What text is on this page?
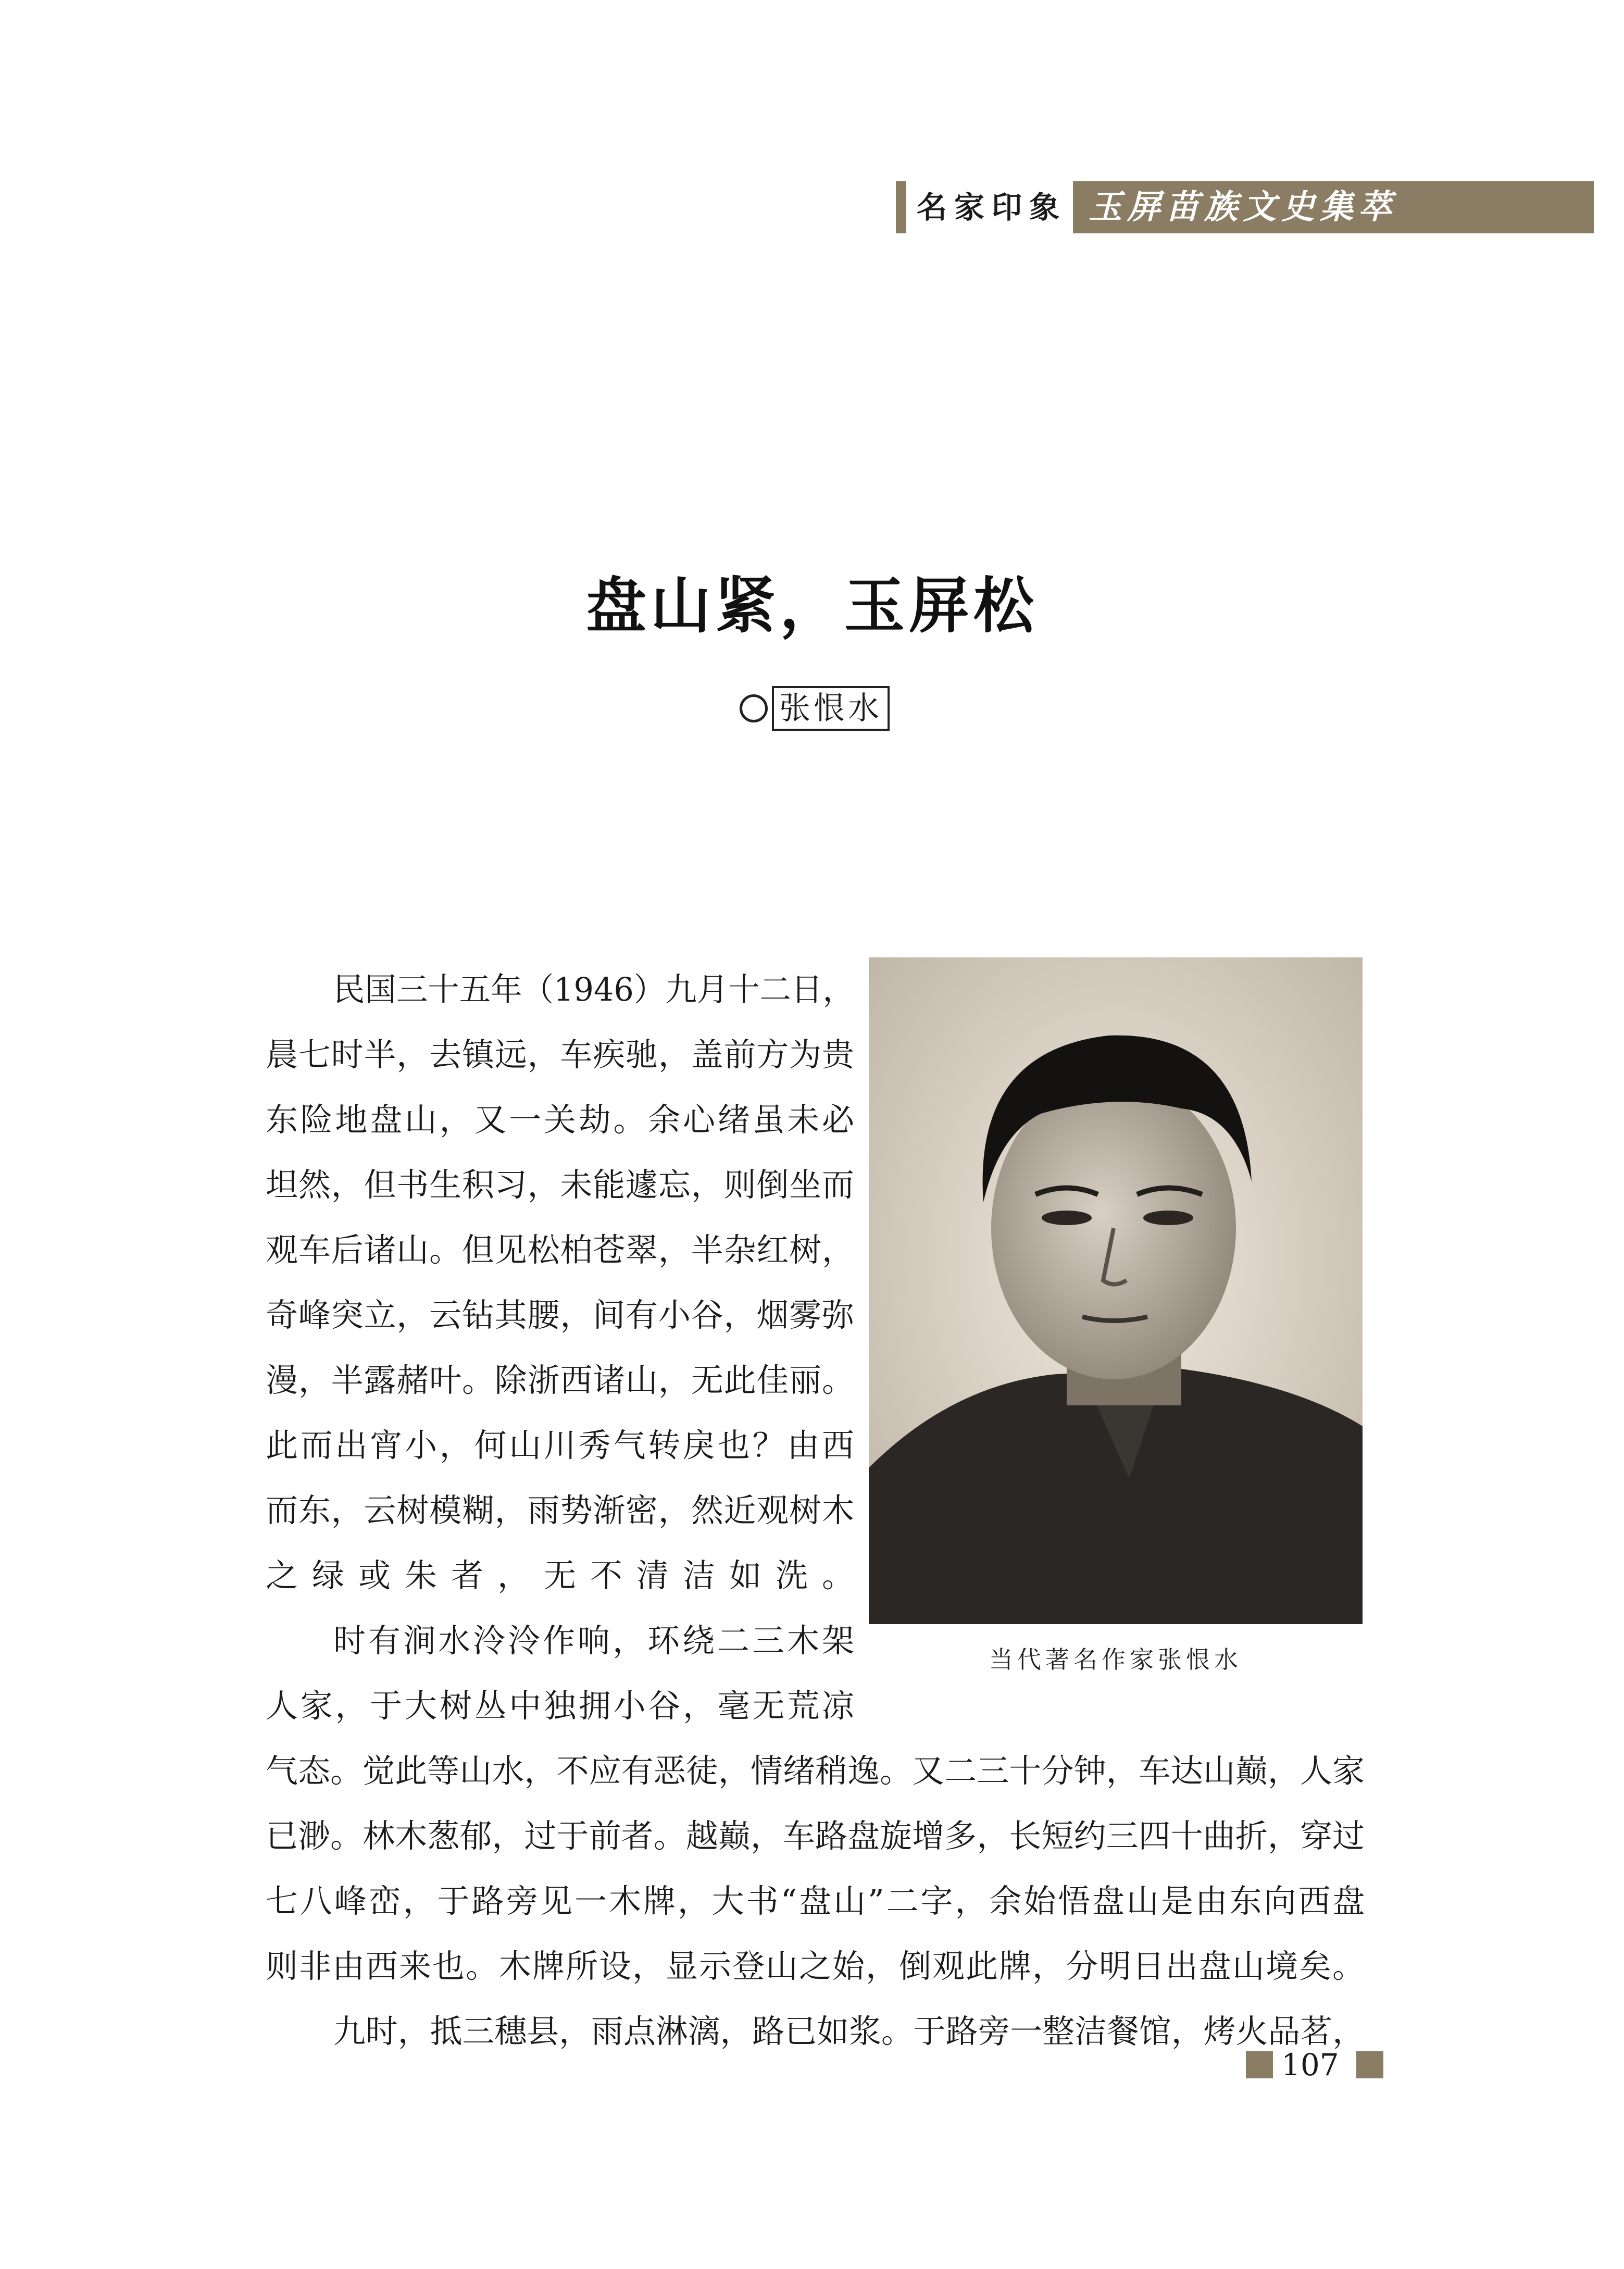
名家印象 玉屏苗族文史集萃
盘山紧，玉屏松
张恨水
当代著名作家张恨水
民国三十五年（1946）九月十二日，
晨七时半，去镇远，车疾驰，盖前方为贵
东险地盘山，又一关劫。余心绪虽未必
坦然，但书生积习，未能遽忘，则倒坐而
观车后诸山。但见松柏苍翠，半杂红树，
奇峰突立，云钻其腰，间有小谷，烟雾弥
漫，半露赭叶。除浙西诸山，无此佳丽。
此而出宵小，何山川秀气转戾也？由西
而东，云树模糊，雨势渐密，然近观树木
之绿或朱者，无不清洁如洗。
时有涧水泠泠作响，环绕二三木架
人家，于大树丛中独拥小谷，毫无荒凉
气态。觉此等山水，不应有恶徒，情绪稍逸。又二三十分钟，车达山巅，人家
已渺。林木葱郁，过于前者。越巅，车路盘旋增多，长短约三四十曲折，穿过
七八峰峦，于路旁见一木牌，大书“盘山”二字，余始悟盘山是由东向西盘
则非由西来也。木牌所设，显示登山之始，倒观此牌，分明日出盘山境矣。
九时，抵三穗县，雨点淋漓，路已如浆。于路旁一整洁餐馆，烤火品茗，
107
